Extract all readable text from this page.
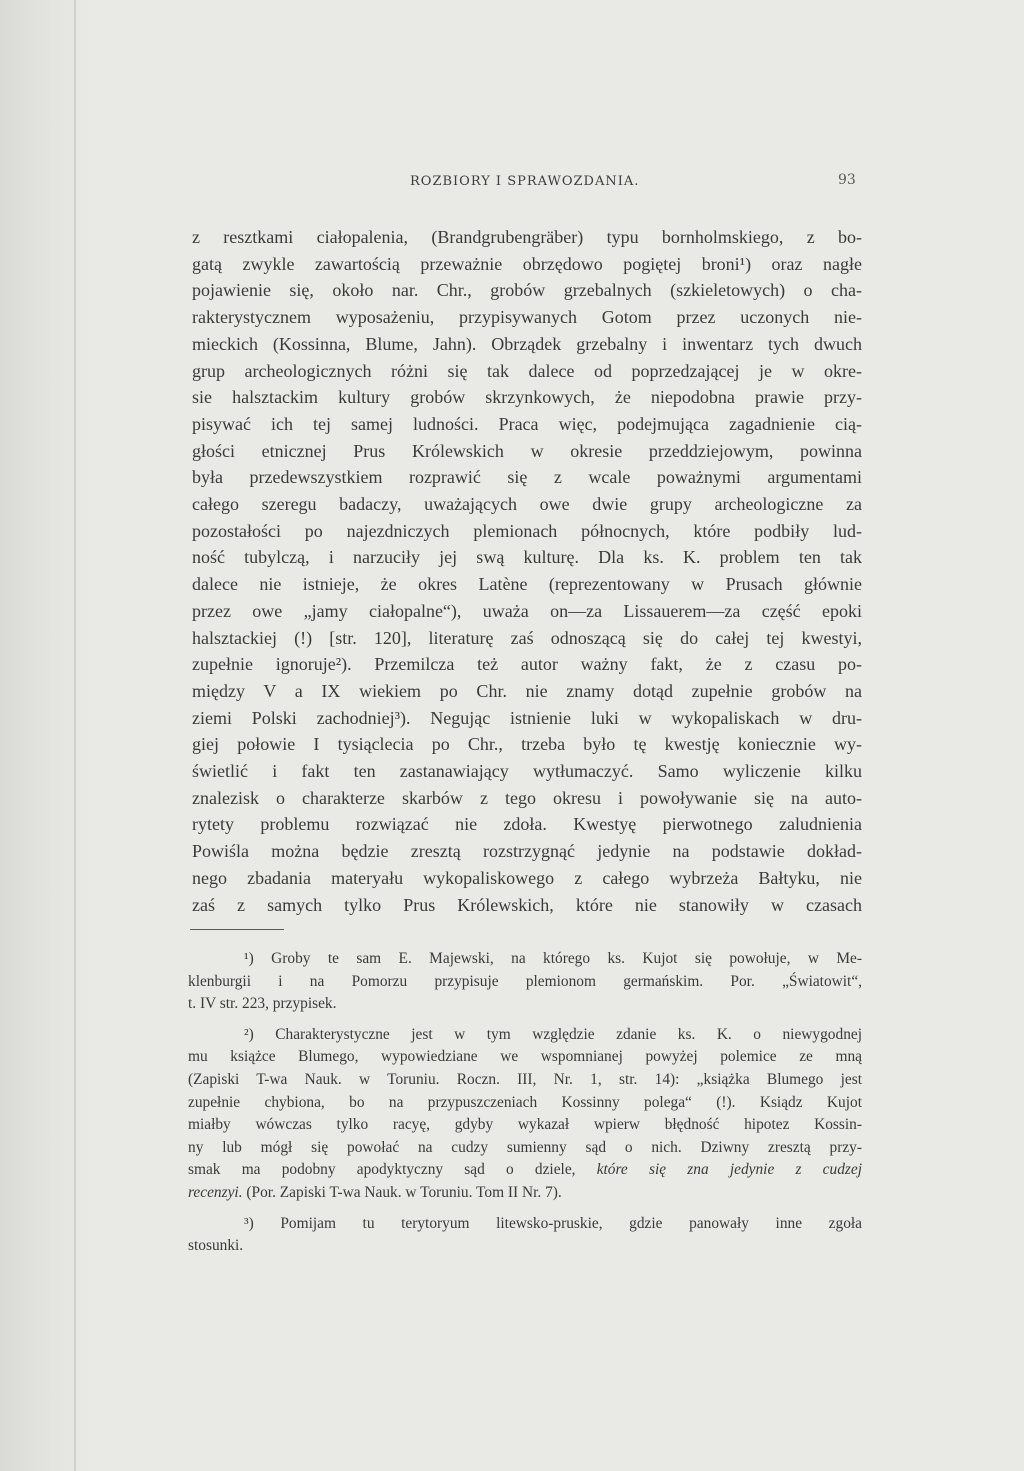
ROZBIORY I SPRAWOZDANIA.	93
z resztkami ciałopalenia, (Brandgrubengräber) typu bornholmskiego, z bo-
gatą zwykle zawartością przeważnie obrzędowo pogiętej broni¹) oraz nagłe
pojawienie się, około nar. Chr., grobów grzebalnych (szkieletowych) o cha-
rakterystycznem wyposażeniu, przypisywanych Gotom przez uczonych nie-
mieckich (Kossinna, Blume, Jahn). Obrządek grzebalny i inwentarz tych dwuch
grup archeologicznych różni się tak dalece od poprzedzającej je w okre-
sie halsztackim kultury grobów skrzynkowych, że niepodobna prawie przy-
pisywać ich tej samej ludności. Praca więc, podejmująca zagadnienie cią-
głości etnicznej Prus Królewskich w okresie przeddziejowym, powinna
była przedewszystkiem rozprawić się z wcale poważnymi argumentami
całego szeregu badaczy, uważających owe dwie grupy archeologiczne za
pozostałości po najezdniczych plemionach północnych, które podbiły lud-
ność tubylczą, i narzuciły jej swą kulturę. Dla ks. K. problem ten tak
dalece nie istnieje, że okres Latène (reprezentowany w Prusach głównie
przez owe „jamy ciałopalne“), uważa on—za Lissauerem—za część epoki
halsztackiej (!) [str. 120], literaturę zaś odnoszącą się do całej tej kwestyi,
zupełnie ignoruje²). Przemilcza też autor ważny fakt, że z czasu po-
między V a IX wiekiem po Chr. nie znamy dotąd zupełnie grobów na
ziemi Polski zachodniej³). Negując istnienie luki w wykopaliskach w dru-
giej połowie I tysiąclecia po Chr., trzeba było tę kwestję koniecznie wy-
świetlić i fakt ten zastanawiający wytłumaczyć. Samo wyliczenie kilku
znalezisk o charakterze skarbów z tego okresu i powoływanie się na auto-
rytety problemu rozwiązać nie zdoła. Kwestyę pierwotnego zaludnienia
Powiśla można będzie zresztą rozstrzygnąć jedynie na podstawie dokład-
nego zbadania materyału wykopaliskowego z całego wybrzeża Bałtyku, nie
zaś z samych tylko Prus Królewskich, które nie stanowiły w czasach
¹) Groby te sam E. Majewski, na którego ks. Kujot się powołuje, w Me-
klenburgii i na Pomorzu przypisuje plemionom germańskim. Por. „Światowit“,
t. IV str. 223, przypisek.
²) Charakterystyczne jest w tym względzie zdanie ks. K. o niewygodnej
mu książce Blumego, wypowiedziane we wspomnianej powyżej polemice ze mną
(Zapiski T-wa Nauk. w Toruniu. Roczn. III, Nr. 1, str. 14): „książka Blumego jest
zupełnie chybiona, bo na przypuszczeniach Kossinny polega“ (!). Ksiądz Kujot
miałby wówczas tylko racyę, gdyby wykazał wpierw błędność hipotez Kossin-
ny lub mógł się powołać na cudzy sumienny sąd o nich. Dziwny zresztą przy-
smak ma podobny apodyktyczny sąd o dziele, które się zna jedynie z cudzej
recenzyi. (Por. Zapiski T-wa Nauk. w Toruniu. Tom II Nr. 7).
³) Pomijam tu terytoryum litewsko-pruskie, gdzie panowały inne zgoła
stosunki.
